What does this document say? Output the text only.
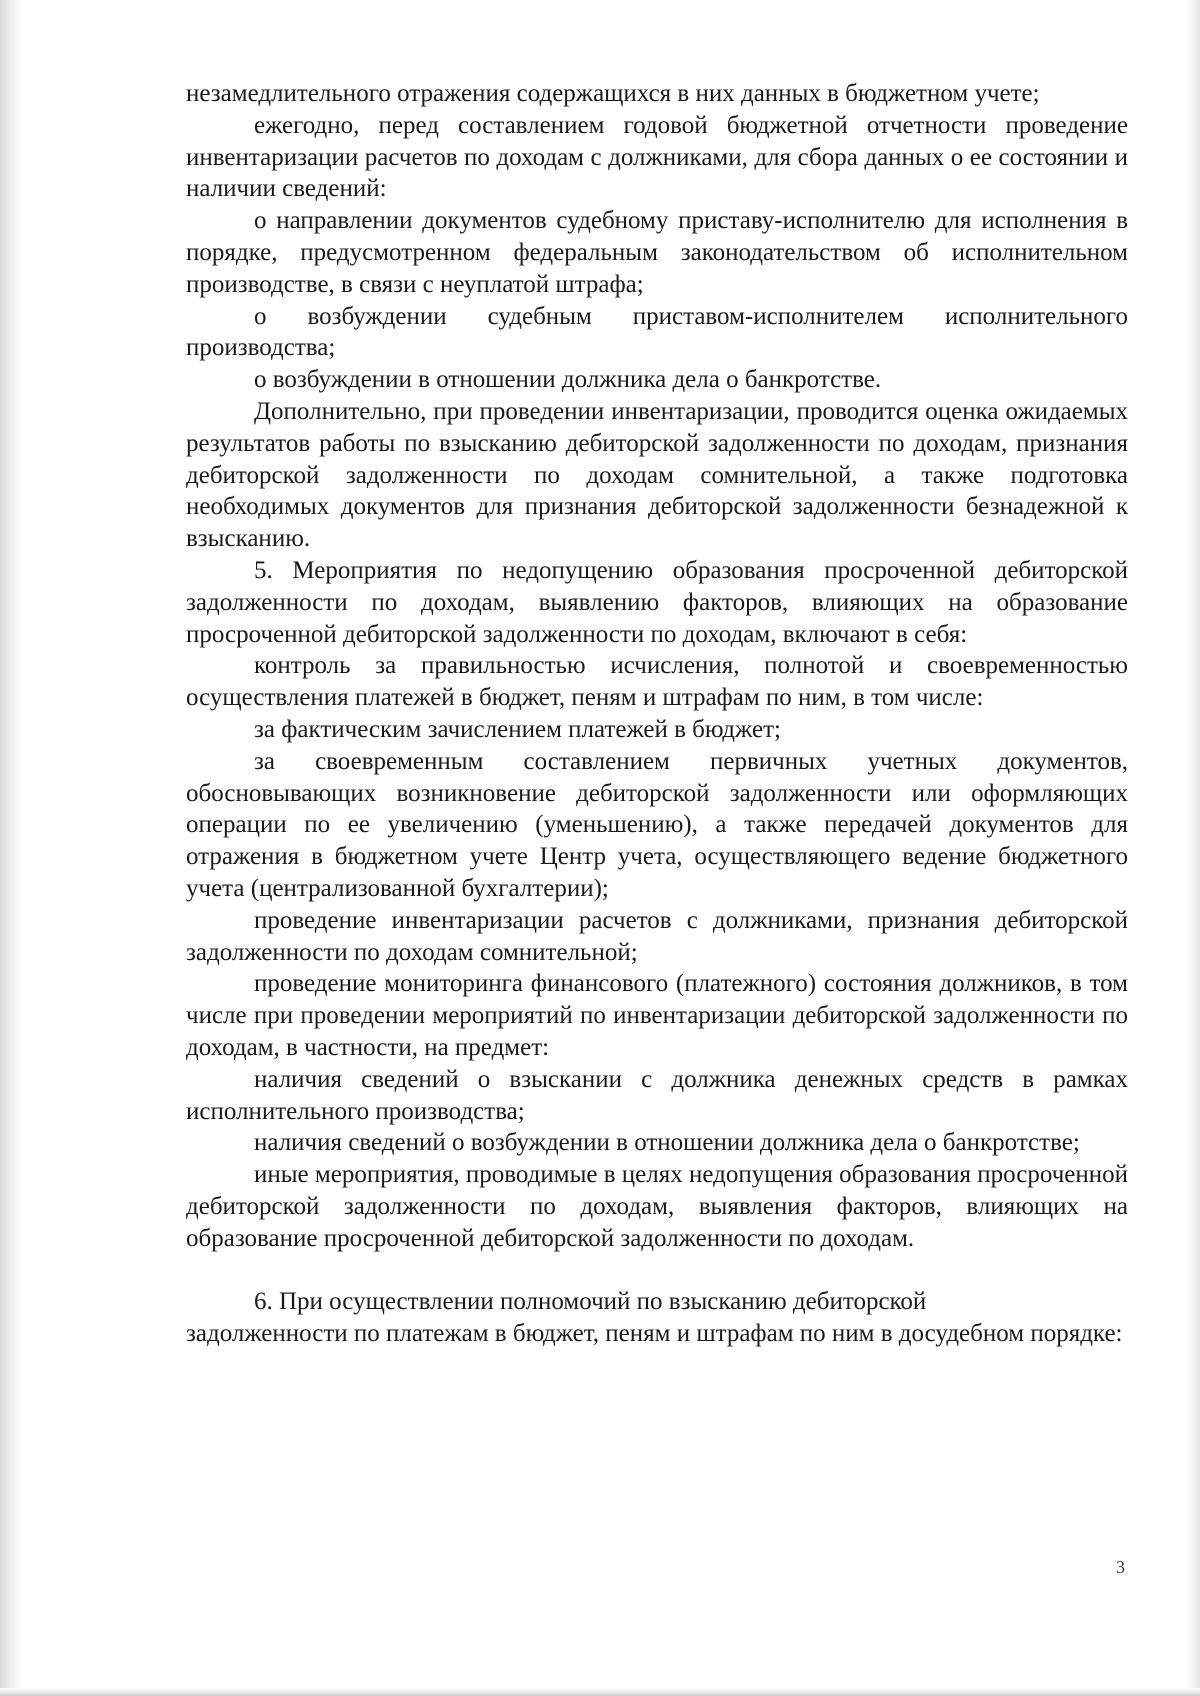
незамедлительного отражения содержащихся в них данных в бюджетном учете;

ежегодно, перед составлением годовой бюджетной отчетности проведение инвентаризации расчетов по доходам с должниками, для сбора данных о ее состоянии и наличии сведений:

о направлении документов судебному приставу-исполнителю для исполнения в порядке, предусмотренном федеральным законодательством об исполнительном производстве, в связи с неуплатой штрафа;

о возбуждении судебным приставом-исполнителем исполнительного производства;

о возбуждении в отношении должника дела о банкротстве.

Дополнительно, при проведении инвентаризации, проводится оценка ожидаемых результатов работы по взысканию дебиторской задолженности по доходам, признания дебиторской задолженности по доходам сомнительной, а также подготовка необходимых документов для признания дебиторской задолженности безнадежной к взысканию.

5. Мероприятия по недопущению образования просроченной дебиторской задолженности по доходам, выявлению факторов, влияющих на образование просроченной дебиторской задолженности по доходам, включают в себя:

контроль за правильностью исчисления, полнотой и своевременностью осуществления платежей в бюджет, пеням и штрафам по ним, в том числе:

за фактическим зачислением платежей в бюджет;

за своевременным составлением первичных учетных документов, обосновывающих возникновение дебиторской задолженности или оформляющих операции по ее увеличению (уменьшению), а также передачей документов для отражения в бюджетном учете Центр учета, осуществляющего ведение бюджетного учета (централизованной бухгалтерии);

проведение инвентаризации расчетов с должниками, признания дебиторской задолженности по доходам сомнительной;

проведение мониторинга финансового (платежного) состояния должников, в том числе при проведении мероприятий по инвентаризации дебиторской задолженности по доходам, в частности, на предмет:

наличия сведений о взыскании с должника денежных средств в рамках исполнительного производства;

наличия сведений о возбуждении в отношении должника дела о банкротстве;

иные мероприятия, проводимые в целях недопущения образования просроченной дебиторской задолженности по доходам, выявления факторов, влияющих на образование просроченной дебиторской задолженности по доходам.

6. При осуществлении полномочий по взысканию дебиторской

задолженности по платежам в бюджет, пеням и штрафам по ним в досудебном порядке:

3
